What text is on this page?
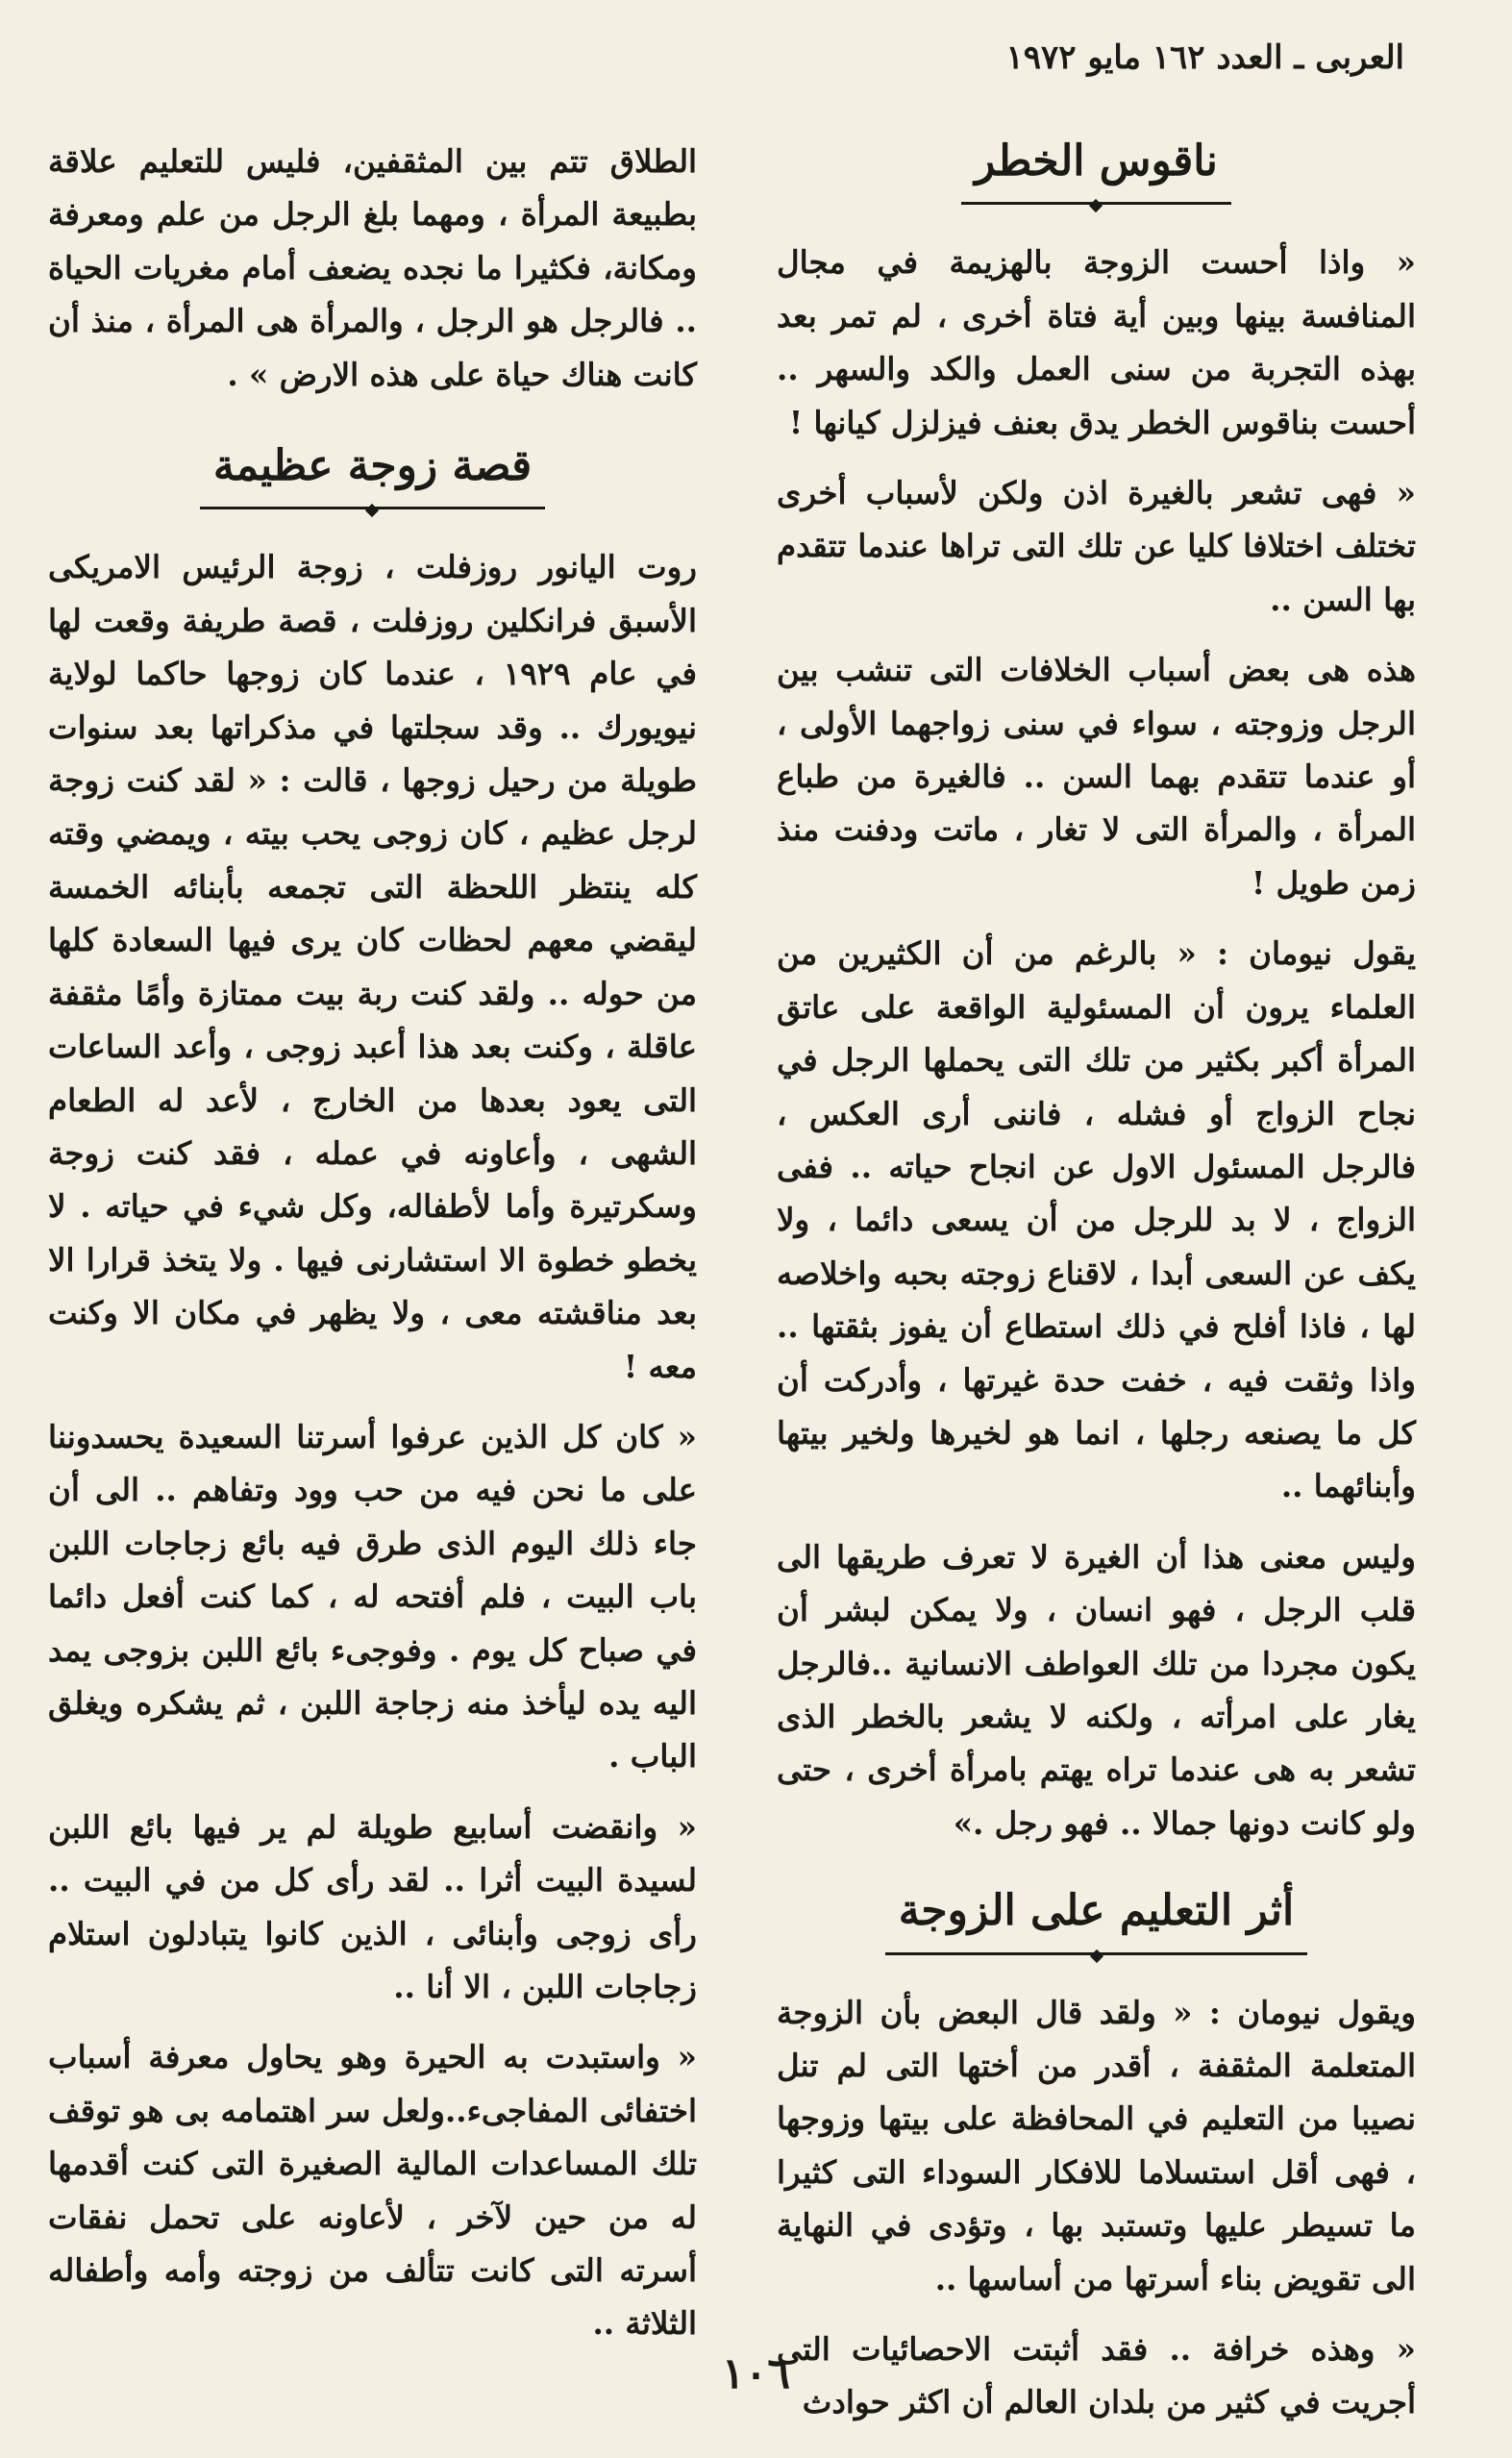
العربى ـ العدد ١٦٢ مايو ١٩٧٢
ناقوس الخطر

« واذا أحست الزوجة بالهزيمة في مجال المنافسة بينها وبين أية فتاة أخرى ، لم تمر بعد بهذه التجربة من سنى العمل والكد والسهر .. أحست بناقوس الخطر يدق بعنف فيزلزل كيانها !

« فهى تشعر بالغيرة اذن ولكن لأسباب أخرى تختلف اختلافا كليا عن تلك التى تراها عندما تتقدم بها السن ..

هذه هى بعض أسباب الخلافات التى تنشب بين الرجل وزوجته ، سواء في سنى زواجهما الأولى ، أو عندما تتقدم بهما السن .. فالغيرة من طباع المرأة ، والمرأة التى لا تغار ، ماتت ودفنت منذ زمن طويل !

يقول نيومان : « بالرغم من أن الكثيرين من العلماء يرون أن المسئولية الواقعة على عاتق المرأة أكبر بكثير من تلك التى يحملها الرجل في نجاح الزواج أو فشله ، فاننى أرى العكس ، فالرجل المسئول الاول عن انجاح حياته .. ففى الزواج ، لا بد للرجل من أن يسعى دائما ، ولا يكف عن السعى أبدا ، لاقناع زوجته بحبه واخلاصه لها ، فاذا أفلح في ذلك استطاع أن يفوز بثقتها .. واذا وثقت فيه ، خفت حدة غيرتها ، وأدركت أن كل ما يصنعه رجلها ، انما هو لخيرها ولخير بيتها وأبنائهما ..

وليس معنى هذا أن الغيرة لا تعرف طريقها الى قلب الرجل ، فهو انسان ، ولا يمكن لبشر أن يكون مجردا من تلك العواطف الانسانية ..فالرجل يغار على امرأته ، ولكنه لا يشعر بالخطر الذى تشعر به هى عندما تراه يهتم بامرأة أخرى ، حتى ولو كانت دونها جمالا .. فهو رجل .»

أثر التعليم على الزوجة

ويقول نيومان : « ولقد قال البعض بأن الزوجة المتعلمة المثقفة ، أقدر من أختها التى لم تنل نصيبا من التعليم في المحافظة على بيتها وزوجها ، فهى أقل استسلاما للافكار السوداء التى كثيرا ما تسيطر عليها وتستبد بها ، وتؤدى في النهاية الى تقويض بناء أسرتها من أساسها ..

« وهذه خرافة .. فقد أثبتت الاحصائيات التى أجريت في كثير من بلدان العالم أن اكثر حوادث

الطلاق تتم بين المثقفين، فليس للتعليم علاقة بطبيعة المرأة ، ومهما بلغ الرجل من علم ومعرفة ومكانة، فكثيرا ما نجده يضعف أمام مغريات الحياة .. فالرجل هو الرجل ، والمرأة هى المرأة ، منذ أن كانت هناك حياة على هذه الارض » .

قصة زوجة عظيمة

روت اليانور روزفلت ، زوجة الرئيس الامريكى الأسبق فرانكلين روزفلت ، قصة طريفة وقعت لها في عام ١٩٢٩ ، عندما كان زوجها حاكما لولاية نيويورك .. وقد سجلتها في مذكراتها بعد سنوات طويلة من رحيل زوجها ، قالت : « لقد كنت زوجة لرجل عظيم ، كان زوجى يحب بيته ، ويمضي وقته كله ينتظر اللحظة التى تجمعه بأبنائه الخمسة ليقضي معهم لحظات كان يرى فيها السعادة كلها من حوله .. ولقد كنت ربة بيت ممتازة وأمًا مثقفة عاقلة ، وكنت بعد هذا أعبد زوجى ، وأعد الساعات التى يعود بعدها من الخارج ، لأعد له الطعام الشهى ، وأعاونه في عمله ، فقد كنت زوجة وسكرتيرة وأما لأطفاله، وكل شيء في حياته . لا يخطو خطوة الا استشارنى فيها . ولا يتخذ قرارا الا بعد مناقشته معى ، ولا يظهر في مكان الا وكنت معه !

« كان كل الذين عرفوا أسرتنا السعيدة يحسدوننا على ما نحن فيه من حب وود وتفاهم .. الى أن جاء ذلك اليوم الذى طرق فيه بائع زجاجات اللبن باب البيت ، فلم أفتحه له ، كما كنت أفعل دائما في صباح كل يوم . وفوجىء بائع اللبن بزوجى يمد اليه يده ليأخذ منه زجاجة اللبن ، ثم يشكره ويغلق الباب .

« وانقضت أسابيع طويلة لم ير فيها بائع اللبن لسيدة البيت أثرا .. لقد رأى كل من في البيت .. رأى زوجى وأبنائى ، الذين كانوا يتبادلون استلام زجاجات اللبن ، الا أنا ..

« واستبدت به الحيرة وهو يحاول معرفة أسباب اختفائى المفاجىء..ولعل سر اهتمامه بى هو توقف تلك المساعدات المالية الصغيرة التى كنت أقدمها له من حين لآخر ، لأعاونه على تحمل نفقات أسرته التى كانت تتألف من زوجته وأمه وأطفاله الثلاثة ..

١٠٦
